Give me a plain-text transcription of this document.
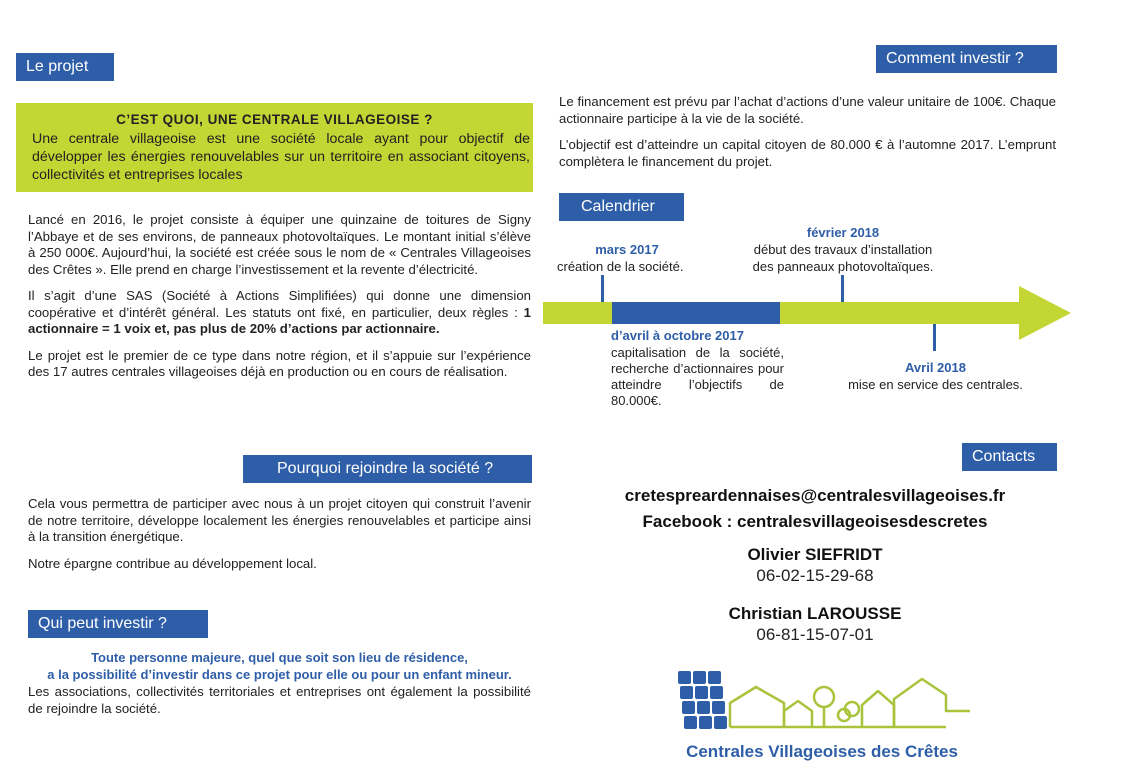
Le projet
C’EST QUOI, UNE CENTRALE VILLAGEOISE ?
Une centrale villageoise est une société locale ayant pour objectif de développer les énergies renouvelables sur un territoire en associant citoyens, collectivités et entreprises locales

Lancé en 2016, le projet consiste à équiper une quinzaine de toitures de Signy l’Abbaye et de ses environs, de panneaux photovoltaïques. Le montant initial s’élève à 250 000€. Aujourd’hui, la société est créée sous le nom de « Centrales Villageoises des Crêtes ». Elle prend en charge l’investissement et la revente d’électricité.

Il s’agit d’une SAS (Société à Actions Simplifiées) qui donne une dimension coopérative et d’intérêt général. Les statuts ont fixé, en particulier, deux règles : 1 actionnaire = 1 voix et, pas plus de 20% d’actions par actionnaire.

Le projet est le premier de ce type dans notre région, et il s’appuie sur l’expérience des 17 autres centrales villageoises déjà en production ou en cours de réalisation.

Pourquoi rejoindre la société ?

Cela vous permettra de participer avec nous à un projet citoyen qui construit l’avenir de notre territoire, développe localement les énergies renouvelables et participe ainsi à la transition énergétique.

Notre épargne contribue au développement local.

Qui peut investir ?
Toute personne majeure, quel que soit son lieu de résidence,
a la possibilité d’investir dans ce projet pour elle ou pour un enfant mineur.
Les associations, collectivités territoriales et entreprises ont également la possibilité de rejoindre la société.
Comment investir ?

Le financement est prévu par l’achat d’actions d’une valeur unitaire de 100€. Chaque actionnaire participe à la vie de la société.

L’objectif est d’atteindre un capital citoyen de 80.000 € à l’automne 2017. L’emprunt complètera le financement du projet.

Calendrier
mars 2017
création de la société.
février 2018
début des travaux d’installation
des panneaux photovoltaïques.
d’avril à octobre 2017
capitalisation de la société, recherche d’actionnaires pour atteindre l’objectifs de 80.000€.
Avril 2018
mise en service des centrales.
Contacts
cretespreardennaises@centralesvillageoises.fr
Facebook : centralesvillageoisesdescretes
Olivier SIEFRIDT
06-02-15-29-68
Christian LAROUSSE
06-81-15-07-01
Centrales Villageoises des Crêtes
